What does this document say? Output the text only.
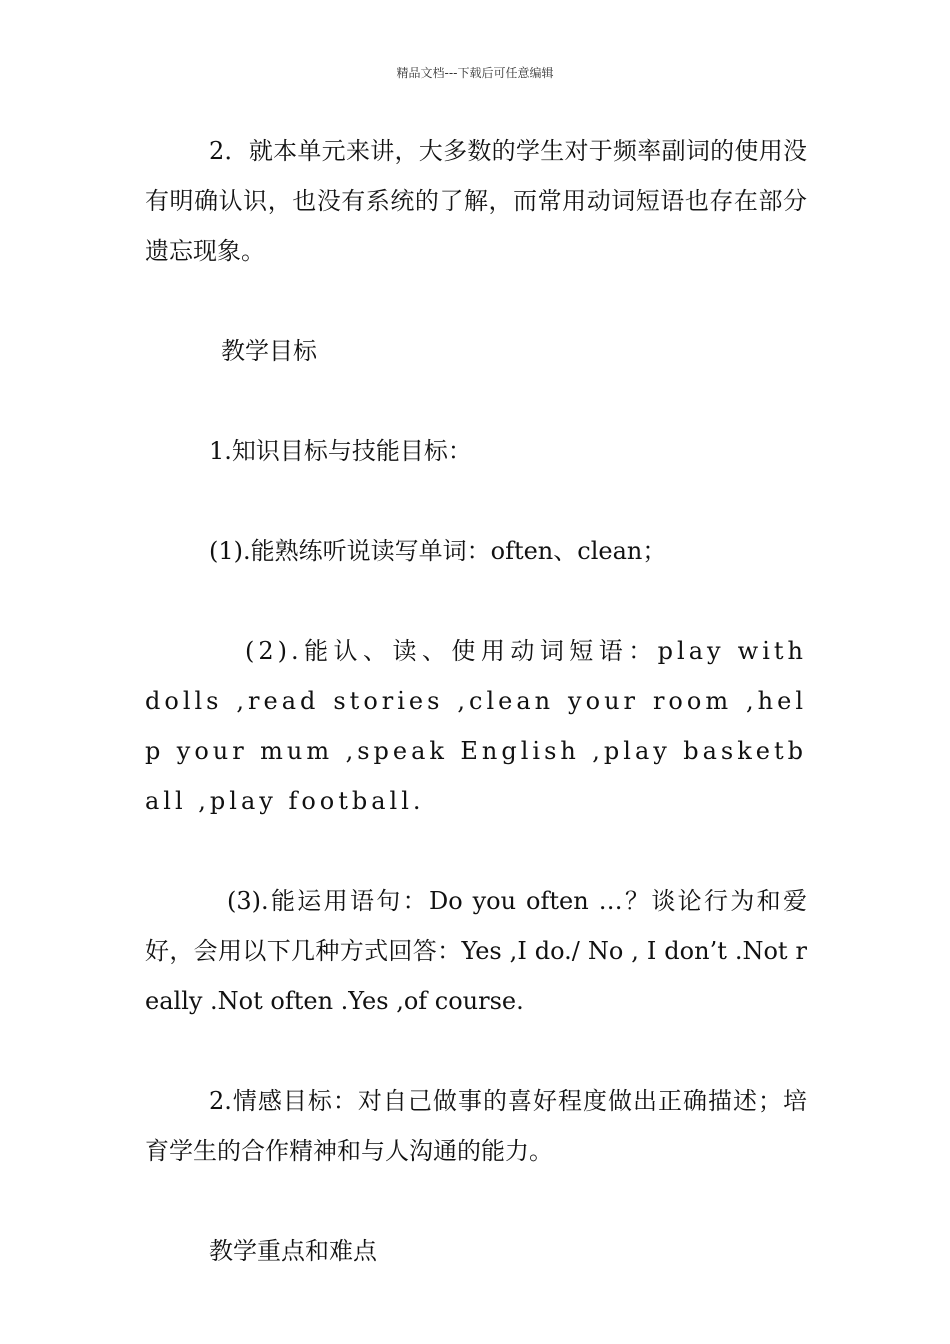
精品文档---下载后可任意编辑

2．就本单元来讲，大多数的学生对于频率副词的使用没有明确认识，也没有系统的了解，而常用动词短语也存在部分遗忘现象。

教学目标

1.知识目标与技能目标：

(1).能熟练听说读写单词：often、clean；

(2).能认、读、使用动词短语：play with dolls ,read stories ,clean your room ,help your mum ,speak English ,play basketball ,play football.

(3).能运用语句：Do you often …？谈论行为和爱好，会用以下几种方式回答：Yes ,I do./ No , I don’t .Not really .Not often .Yes ,of course.

2.情感目标：对自己做事的喜好程度做出正确描述；培育学生的合作精神和与人沟通的能力。

教学重点和难点
